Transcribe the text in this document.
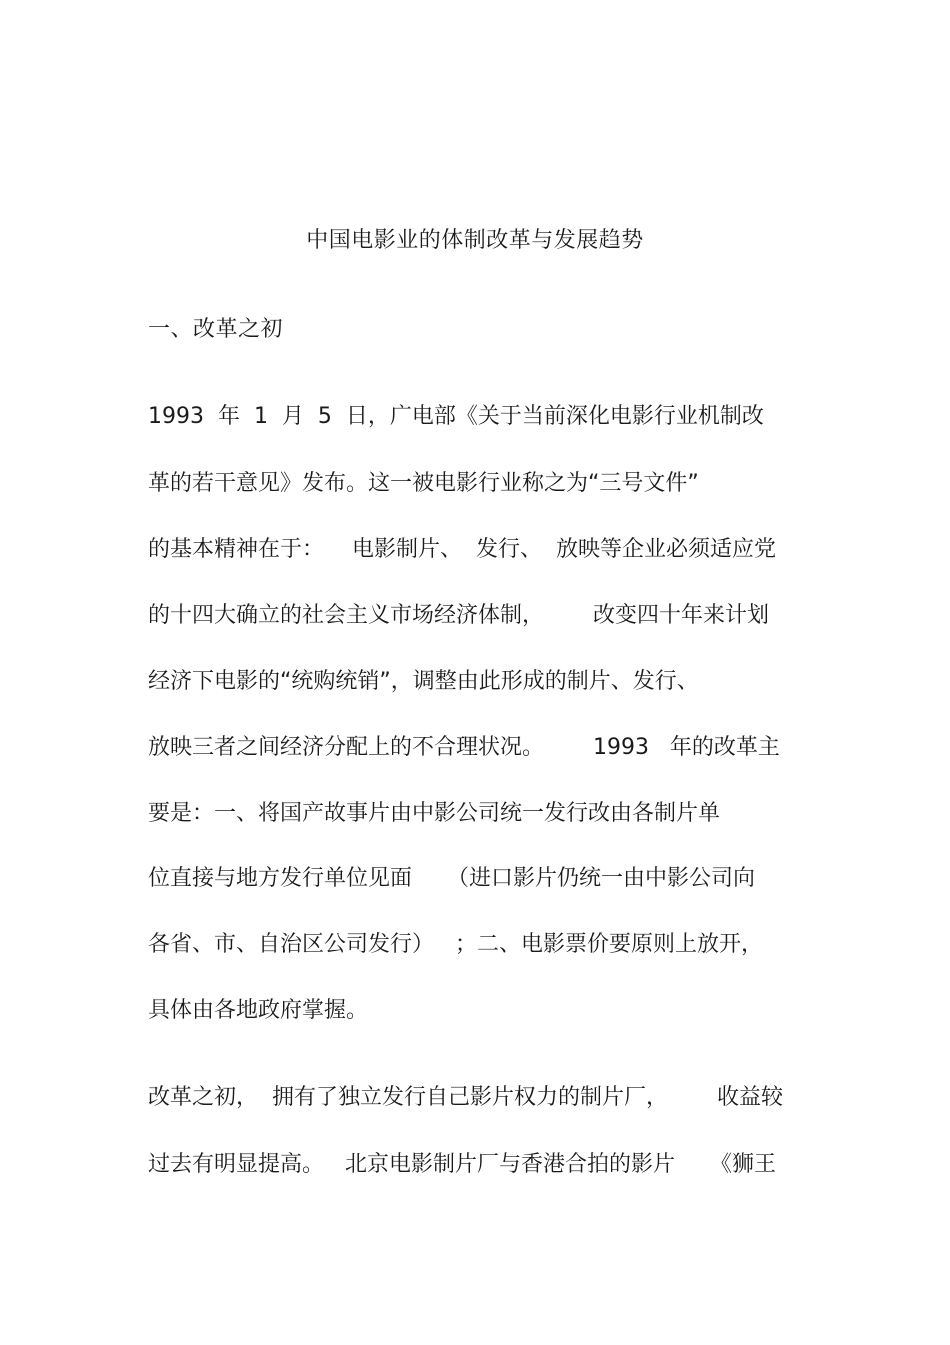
中国电影业的体制改革与发展趋势
一、改革之初
1993  年  1  月  5  日，广电部《关于当前深化电影行业机制改
革的若干意见》发布。这一被电影行业称之为“三号文件”
的基本精神在于：    电影制片、  发行、  放映等企业必须适应党
的十四大确立的社会主义市场经济体制，       改变四十年来计划
经济下电影的“统购统销”，调整由此形成的制片、发行、
放映三者之间经济分配上的不合理状况。       1993   年的改革主
要是：一、将国产故事片由中影公司统一发行改由各制片单
位直接与地方发行单位见面     （进口影片仍统一由中影公司向
各省、市、自治区公司发行）   ；二、电影票价要原则上放开，
具体由各地政府掌握。
改革之初，  拥有了独立发行自己影片权力的制片厂，       收益较
过去有明显提高。   北京电影制片厂与香港合拍的影片     《狮王
